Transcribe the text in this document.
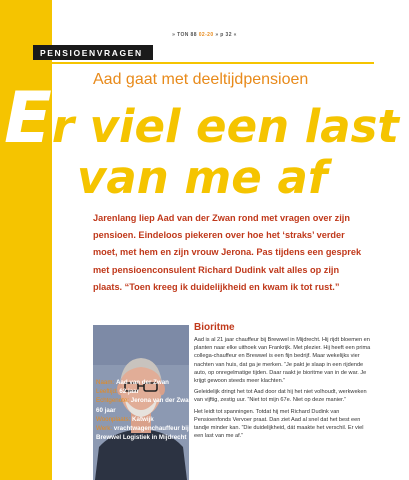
» TON 88 02-20 » p 32 «
PENSIOENVRAGEN
Aad gaat met deeltijdpensioen
Er viel een last
van me af
Jarenlang liep Aad van der Zwan rond met vragen over zijn pensioen. Eindeloos piekeren over hoe het ‘straks’ verder moet, met hem en zijn vrouw Jerona. Pas tijdens een gesprek met pensioenconsulent Richard Dudink valt alles op zijn plaats. “Toen kreeg ik duidelijkheid en kwam ik tot rust.”
Naam: Aad van der Zwan
Leeftijd: 62 jaar
Echtgenote: Jerona van der Zwan, 60 jaar
Woonplaats: Katwijk
Werk: vrachtwagenchauffeur bij Brewwel Logistiek in Mijdrecht
Bioritme

Aad is al 21 jaar chauffeur bij Brewwel in Mijdrecht. Hij rijdt bloemen en planten naar elke uithoek van Frankrijk. Met plezier. Hij heeft een prima collega-chauffeur en Brewwel is een fijn bedrijf. Maar wekelijks vier nachten van huis, dat ga je merken. “Je pakt je slaap in een rijdende auto, op onregelmatige tijden. Daar raakt je bioritme van in de war. Je krijgt gewoon steeds meer klachten.”

Geleidelijk dringt het tot Aad door dat hij het niet volhoudt, werkweken van vijftig, zestig uur. “Niet tot mijn 67e. Niet op deze manier.”

Het leidt tot spanningen. Totdat hij met Richard Dudink van Pensioenfonds Vervoer praat. Dan ziet Aad al snel dat het best een tandje minder kan. “Die duidelijkheid, dát maakte het verschil. Er viel een last van me af.”
